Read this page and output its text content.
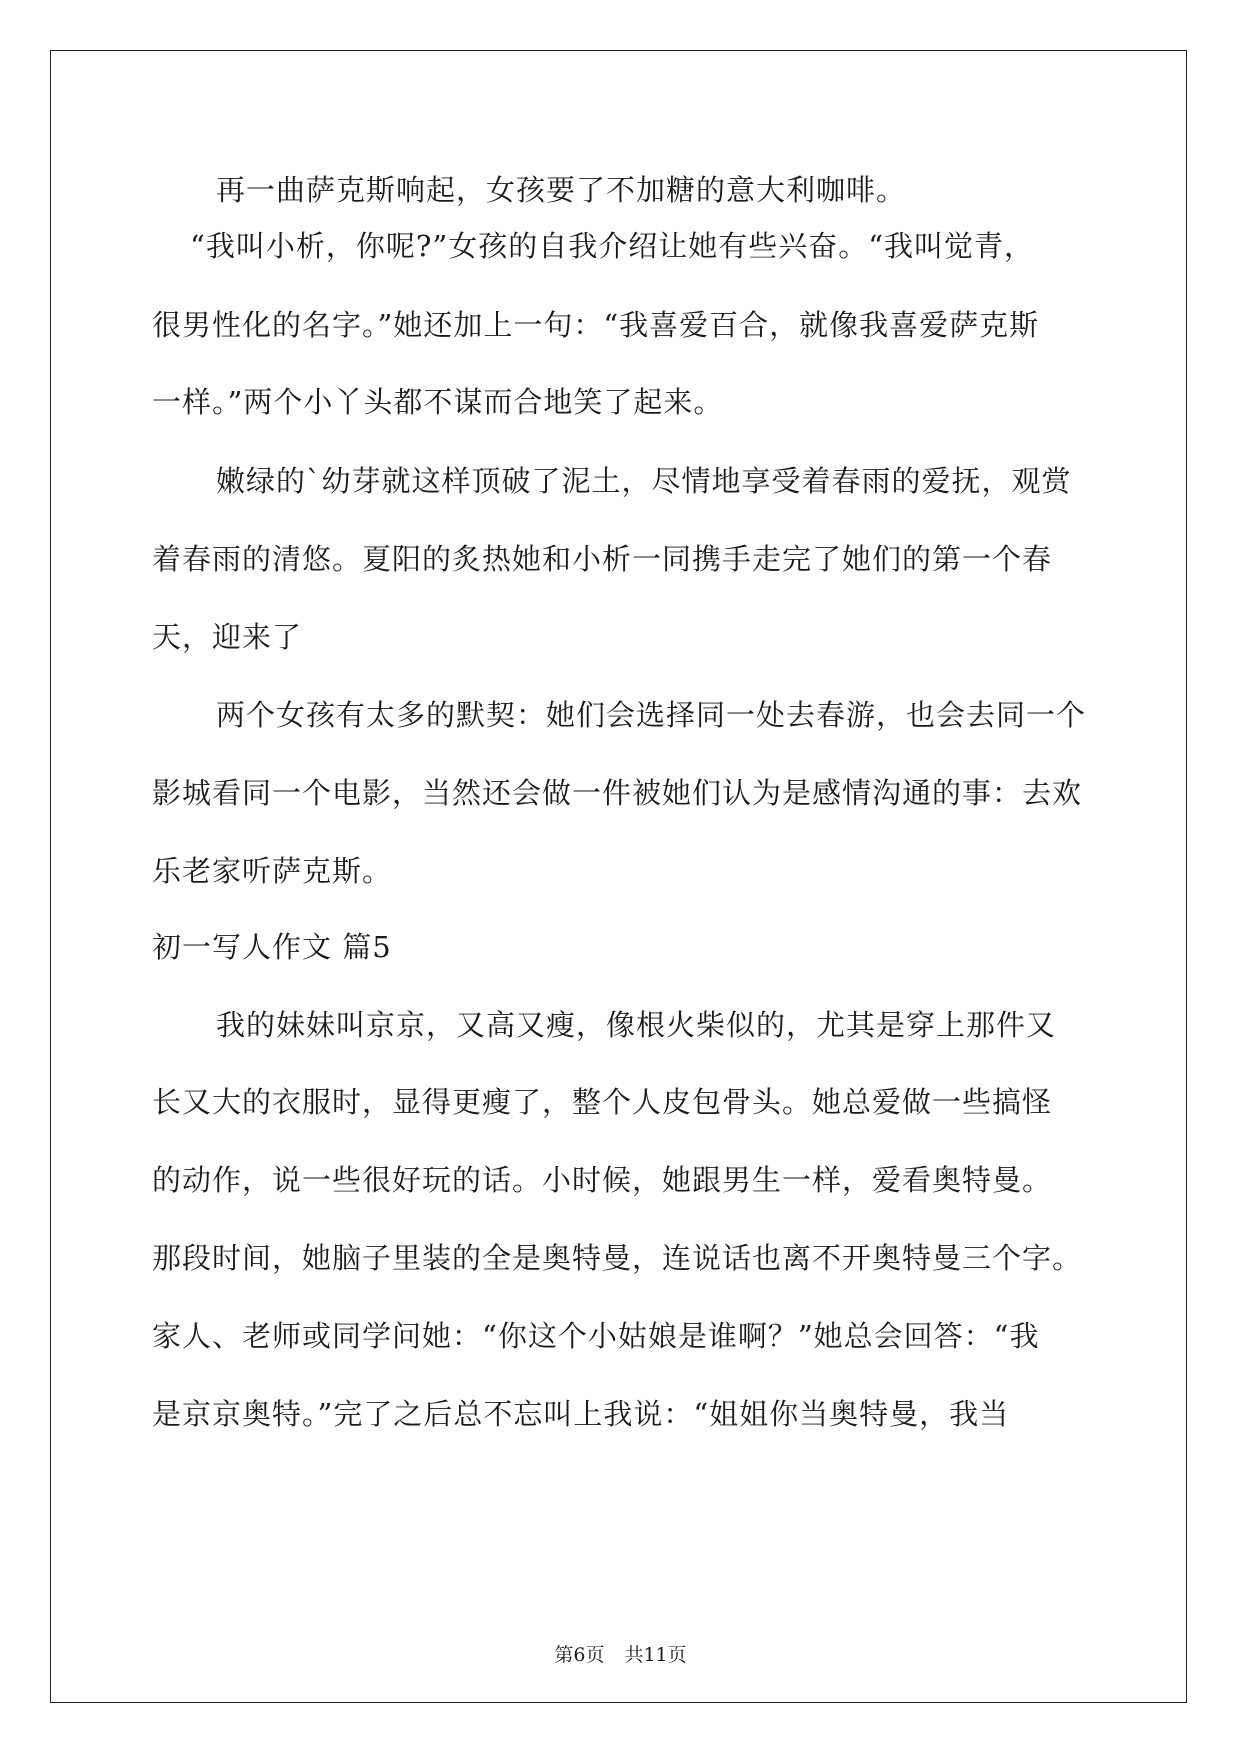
再一曲萨克斯响起，女孩要了不加糖的意大利咖啡。
“我叫小析，你呢?”女孩的自我介绍让她有些兴奋。“我叫觉青，
很男性化的名字。”她还加上一句：“我喜爱百合，就像我喜爱萨克斯
一样。”两个小丫头都不谋而合地笑了起来。
嫩绿的`幼芽就这样顶破了泥土，尽情地享受着春雨的爱抚，观赏
着春雨的清悠。夏阳的炙热她和小析一同携手走完了她们的第一个春
天，迎来了
两个女孩有太多的默契：她们会选择同一处去春游，也会去同一个
影城看同一个电影，当然还会做一件被她们认为是感情沟通的事：去欢
乐老家听萨克斯。
初一写人作文 篇5
我的妹妹叫京京，又高又瘦，像根火柴似的，尤其是穿上那件又
长又大的衣服时，显得更瘦了，整个人皮包骨头。她总爱做一些搞怪
的动作，说一些很好玩的话。小时候，她跟男生一样，爱看奥特曼。
那段时间，她脑子里装的全是奥特曼，连说话也离不开奥特曼三个字。
家人、老师或同学问她：“你这个小姑娘是谁啊？”她总会回答：“我
是京京奥特。”完了之后总不忘叫上我说：“姐姐你当奥特曼，我当
第6页 共11页
